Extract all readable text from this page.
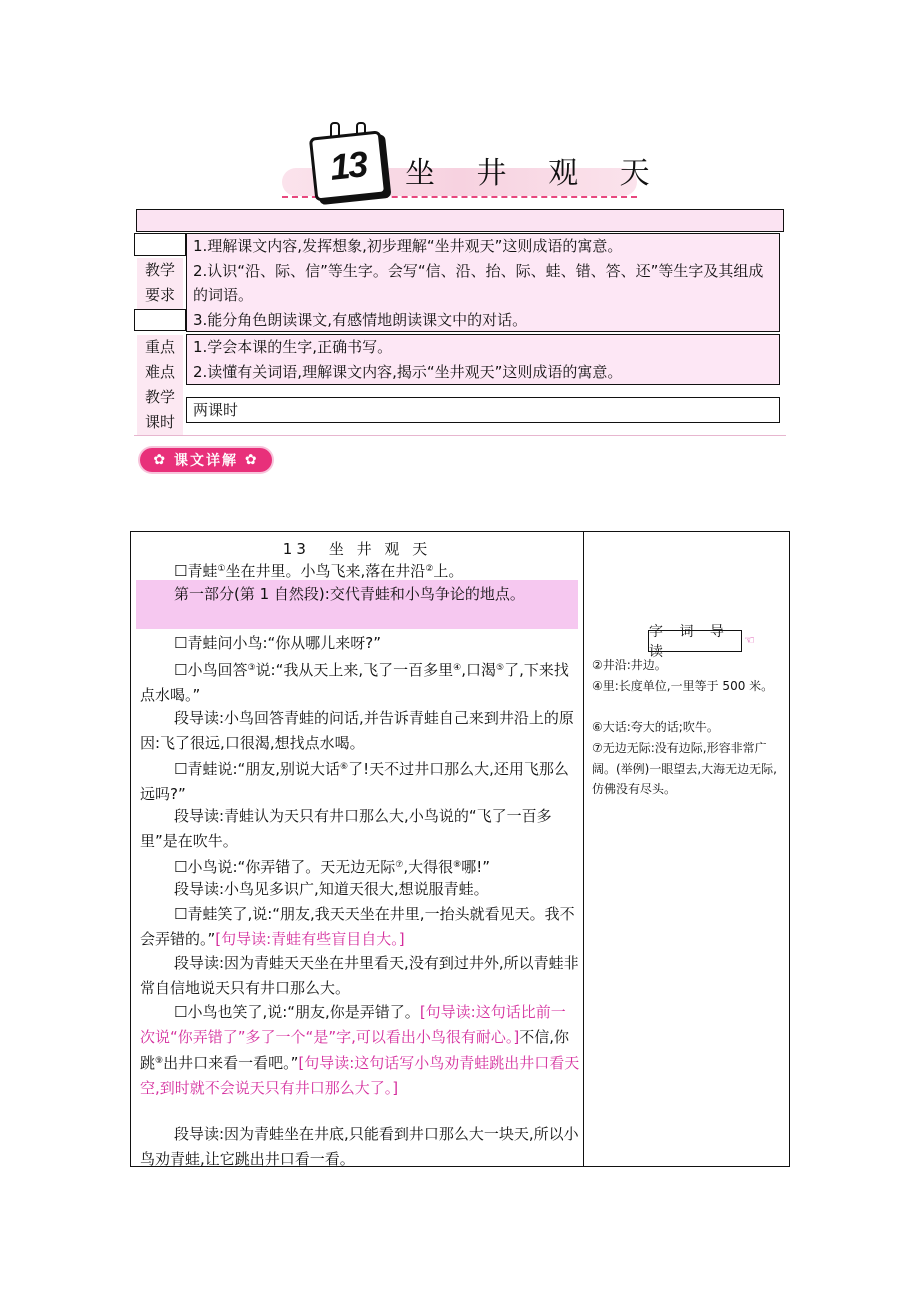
13	坐 井 观 天
教学
要求

1.理解课文内容,发挥想象,初步理解“坐井观天”这则成语的寓意。

2.认识“沿、际、信”等生字。会写“信、沿、抬、际、蛙、错、答、还”等生字及其组成的词语。

3.能分角色朗读课文,有感情地朗读课文中的对话。

重点
难点

1.学会本课的生字,正确书写。

2.读懂有关词语,理解课文内容,揭示“坐井观天”这则成语的寓意。

教学
课时

两课时

✿ 课文详解 ✿
13　坐 井 观 天

☐青蛙①坐在井里。小鸟飞来,落在井沿②上。

第一部分(第 1 自然段):交代青蛙和小鸟争论的地点。

☐青蛙问小鸟:“你从哪儿来呀?”

☐小鸟回答③说:“我从天上来,飞了一百多里④,口渴⑤了,下来找点水喝。”

段导读:小鸟回答青蛙的问话,并告诉青蛙自己来到井沿上的原因:飞了很远,口很渴,想找点水喝。

☐青蛙说:“朋友,别说大话⑥了!天不过井口那么大,还用飞那么远吗?”

段导读:青蛙认为天只有井口那么大,小鸟说的“飞了一百多里”是在吹牛。

☐小鸟说:“你弄错了。天无边无际⑦,大得很⑧哪!”

段导读:小鸟见多识广,知道天很大,想说服青蛙。

☐青蛙笑了,说:“朋友,我天天坐在井里,一抬头就看见天。我不会弄错的。”[句导读:青蛙有些盲目自大。]

段导读:因为青蛙天天坐在井里看天,没有到过井外,所以青蛙非常自信地说天只有井口那么大。

☐小鸟也笑了,说:“朋友,你是弄错了。[句导读:这句话比前一次说“你弄错了”多了一个“是”字,可以看出小鸟很有耐心。]不信,你跳⑨出井口来看一看吧。”[句导读:这句话写小鸟劝青蛙跳出井口看天空,到时就不会说天只有井口那么大了。]

段导读:因为青蛙坐在井底,只能看到井口那么大一块天,所以小鸟劝青蛙,让它跳出井口看一看。

字 词 导 读
☜

②井沿:井边。

④里:长度单位,一里等于 500 米。

⑥大话:夸大的话;吹牛。

⑦无边无际:没有边际,形容非常广阔。(举例)一眼望去,大海无边无际,仿佛没有尽头。
